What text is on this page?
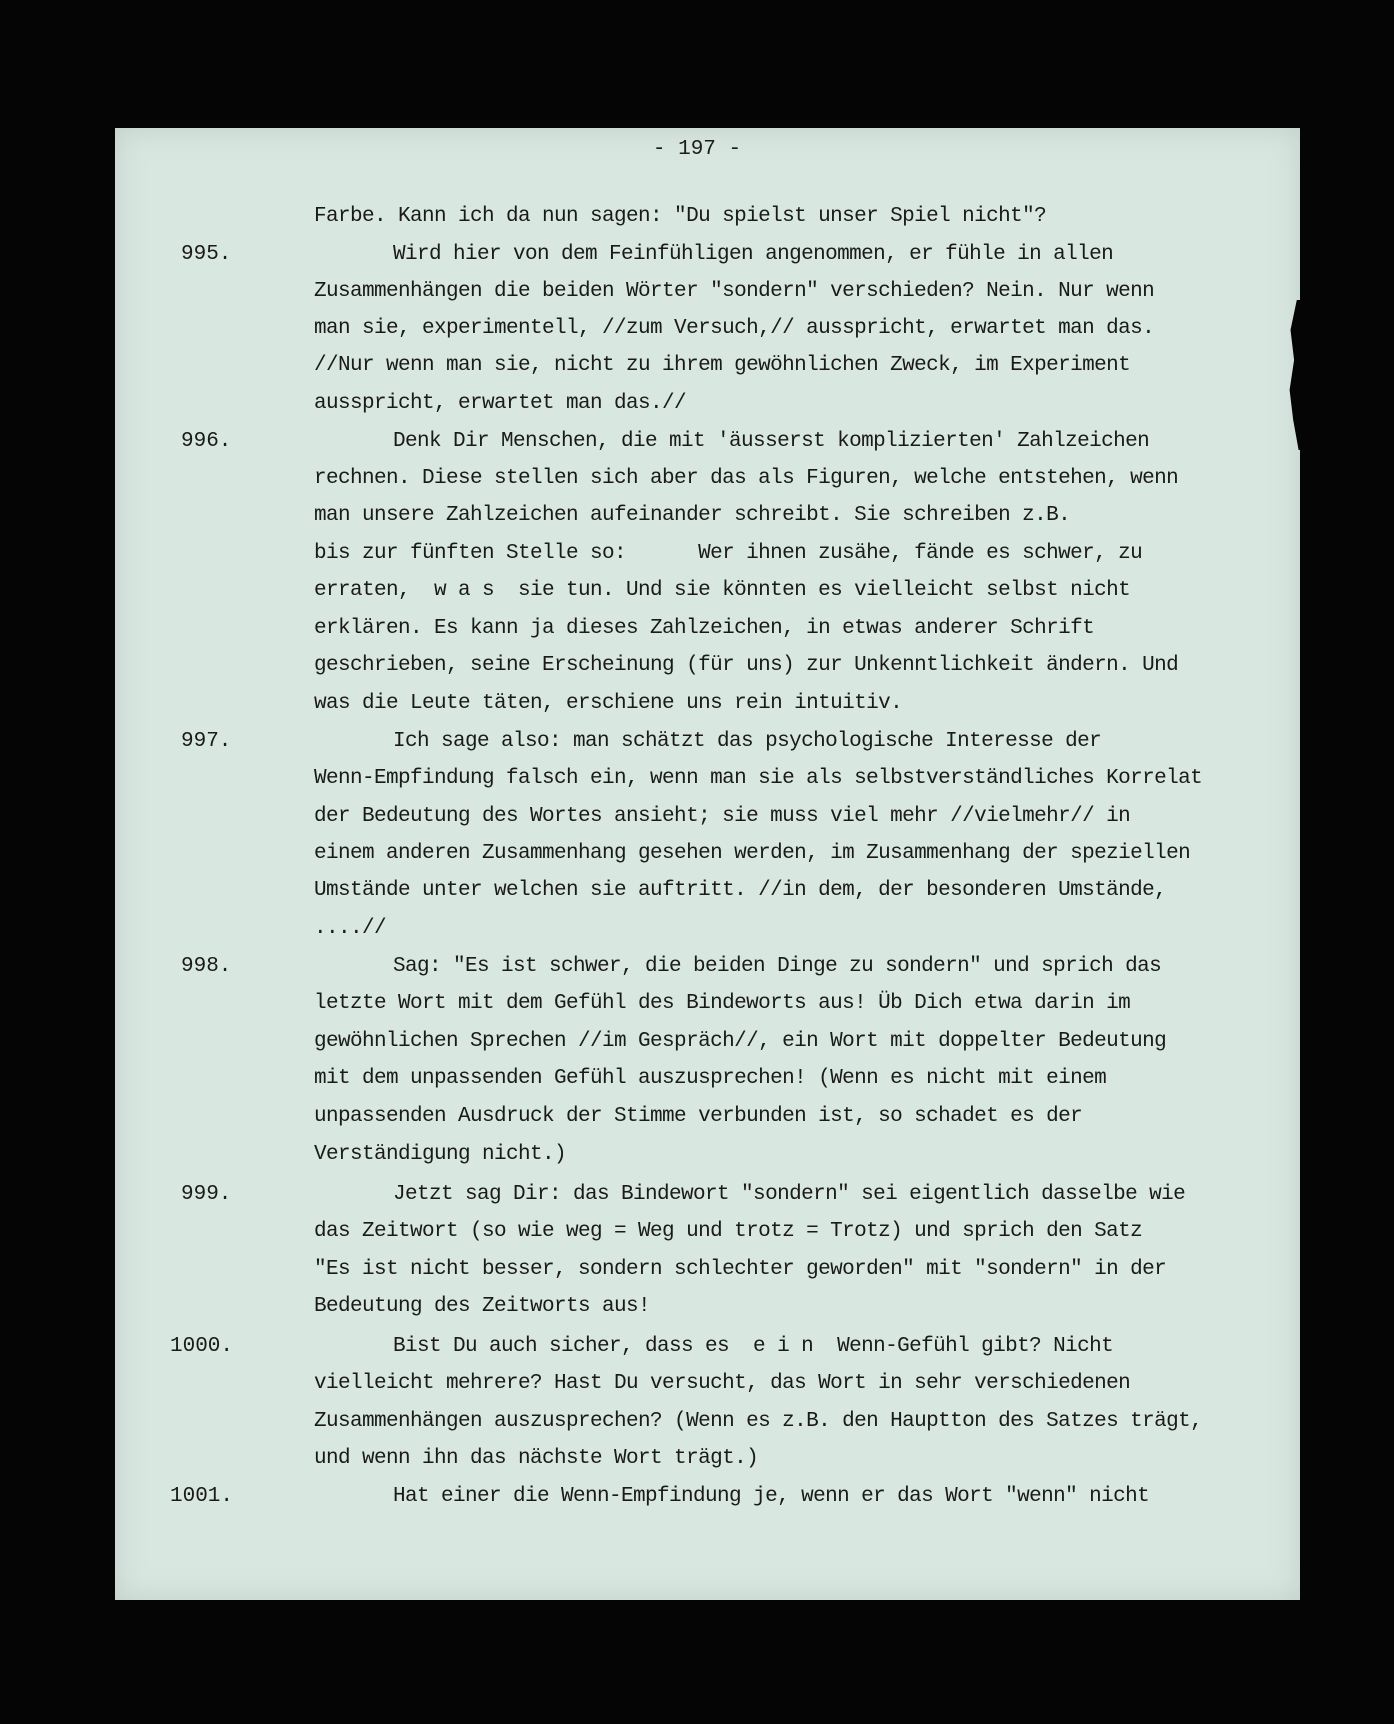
- 197 -
995.
996.
997.
998.
999.
1000.
1001.
Farbe. Kann ich da nun sagen: "Du spielst unser Spiel nicht"?
Wird hier von dem Feinfühligen angenommen, er fühle in allen
Zusammenhängen die beiden Wörter "sondern" verschieden? Nein. Nur wenn
man sie, experimentell, //zum Versuch,// ausspricht, erwartet man das.
//Nur wenn man sie, nicht zu ihrem gewöhnlichen Zweck, im Experiment
ausspricht, erwartet man das.//
Denk Dir Menschen, die mit 'äusserst komplizierten' Zahlzeichen
rechnen. Diese stellen sich aber das als Figuren, welche entstehen, wenn
man unsere Zahlzeichen aufeinander schreibt. Sie schreiben z.B.
bis zur fünften Stelle so:      Wer ihnen zusähe, fände es schwer, zu
erraten,  w a s  sie tun. Und sie könnten es vielleicht selbst nicht
erklären. Es kann ja dieses Zahlzeichen, in etwas anderer Schrift
geschrieben, seine Erscheinung (für uns) zur Unkenntlichkeit ändern. Und
was die Leute täten, erschiene uns rein intuitiv.
Ich sage also: man schätzt das psychologische Interesse der
Wenn-Empfindung falsch ein, wenn man sie als selbstverständliches Korrelat
der Bedeutung des Wortes ansieht; sie muss viel mehr //vielmehr// in
einem anderen Zusammenhang gesehen werden, im Zusammenhang der speziellen
Umstände unter welchen sie auftritt. //in dem, der besonderen Umstände,
....//
Sag: "Es ist schwer, die beiden Dinge zu sondern" und sprich das
letzte Wort mit dem Gefühl des Bindeworts aus! Üb Dich etwa darin im
gewöhnlichen Sprechen //im Gespräch//, ein Wort mit doppelter Bedeutung
mit dem unpassenden Gefühl auszusprechen! (Wenn es nicht mit einem
unpassenden Ausdruck der Stimme verbunden ist, so schadet es der
Verständigung nicht.)
Jetzt sag Dir: das Bindewort "sondern" sei eigentlich dasselbe wie
das Zeitwort (so wie weg = Weg und trotz = Trotz) und sprich den Satz
"Es ist nicht besser, sondern schlechter geworden" mit "sondern" in der
Bedeutung des Zeitworts aus!
Bist Du auch sicher, dass es  e i n  Wenn-Gefühl gibt? Nicht
vielleicht mehrere? Hast Du versucht, das Wort in sehr verschiedenen
Zusammenhängen auszusprechen? (Wenn es z.B. den Hauptton des Satzes trägt,
und wenn ihn das nächste Wort trägt.)
Hat einer die Wenn-Empfindung je, wenn er das Wort "wenn" nicht
